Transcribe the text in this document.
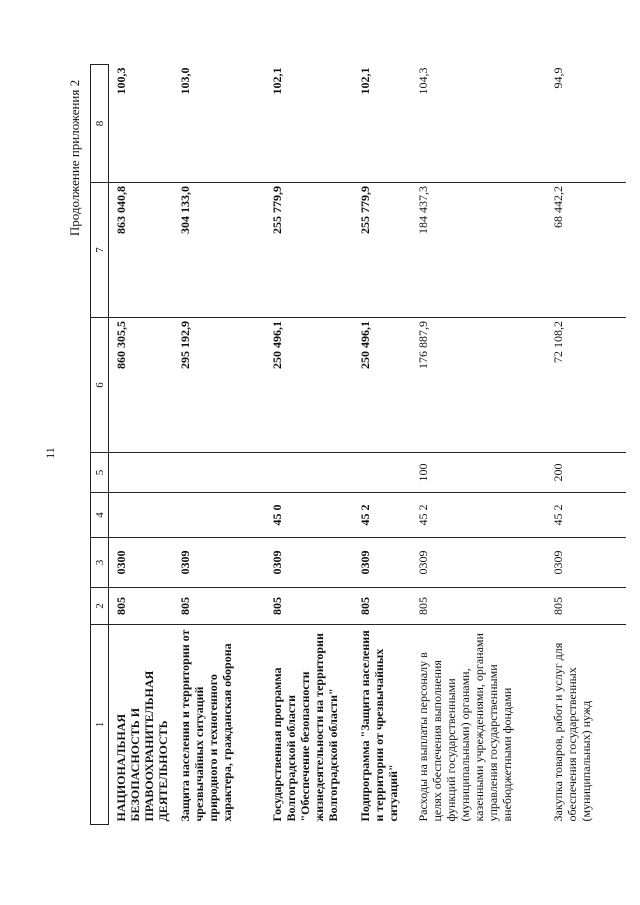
11
Продолжение приложения 2
1	2	3	4	5	6	7	8
НАЦИОНАЛЬНАЯ БЕЗОПАСНОСТЬ И ПРАВООХРАНИТЕЛЬНАЯ ДЕЯТЕЛЬНОСТЬ	805	0300			860 305,5	863 040,8	100,3
Защита населения и территории от чрезвычайных ситуаций природного и техногенного характера, гражданская оборона	805	0309			295 192,9	304 133,0	103,0
Государственная программа Волгоградской области "Обеспечение безопасности жизнедеятельности на территории Волгоградской области"	805	0309	45 0		250 496,1	255 779,9	102,1
Подпрограмма "Защита населения и территории от чрезвычайных ситуаций"	805	0309	45 2		250 496,1	255 779,9	102,1
Расходы на выплаты персоналу в целях обеспечения выполнения функций государственными (муниципальными) органами, казенными учреждениями, органами управления государственными внебюджетными фондами	805	0309	45 2	100	176 887,9	184 437,3	104,3
Закупка товаров, работ и услуг для обеспечения государственных (муниципальных) нужд	805	0309	45 2	200	72 108,2	68 442,2	94,9
